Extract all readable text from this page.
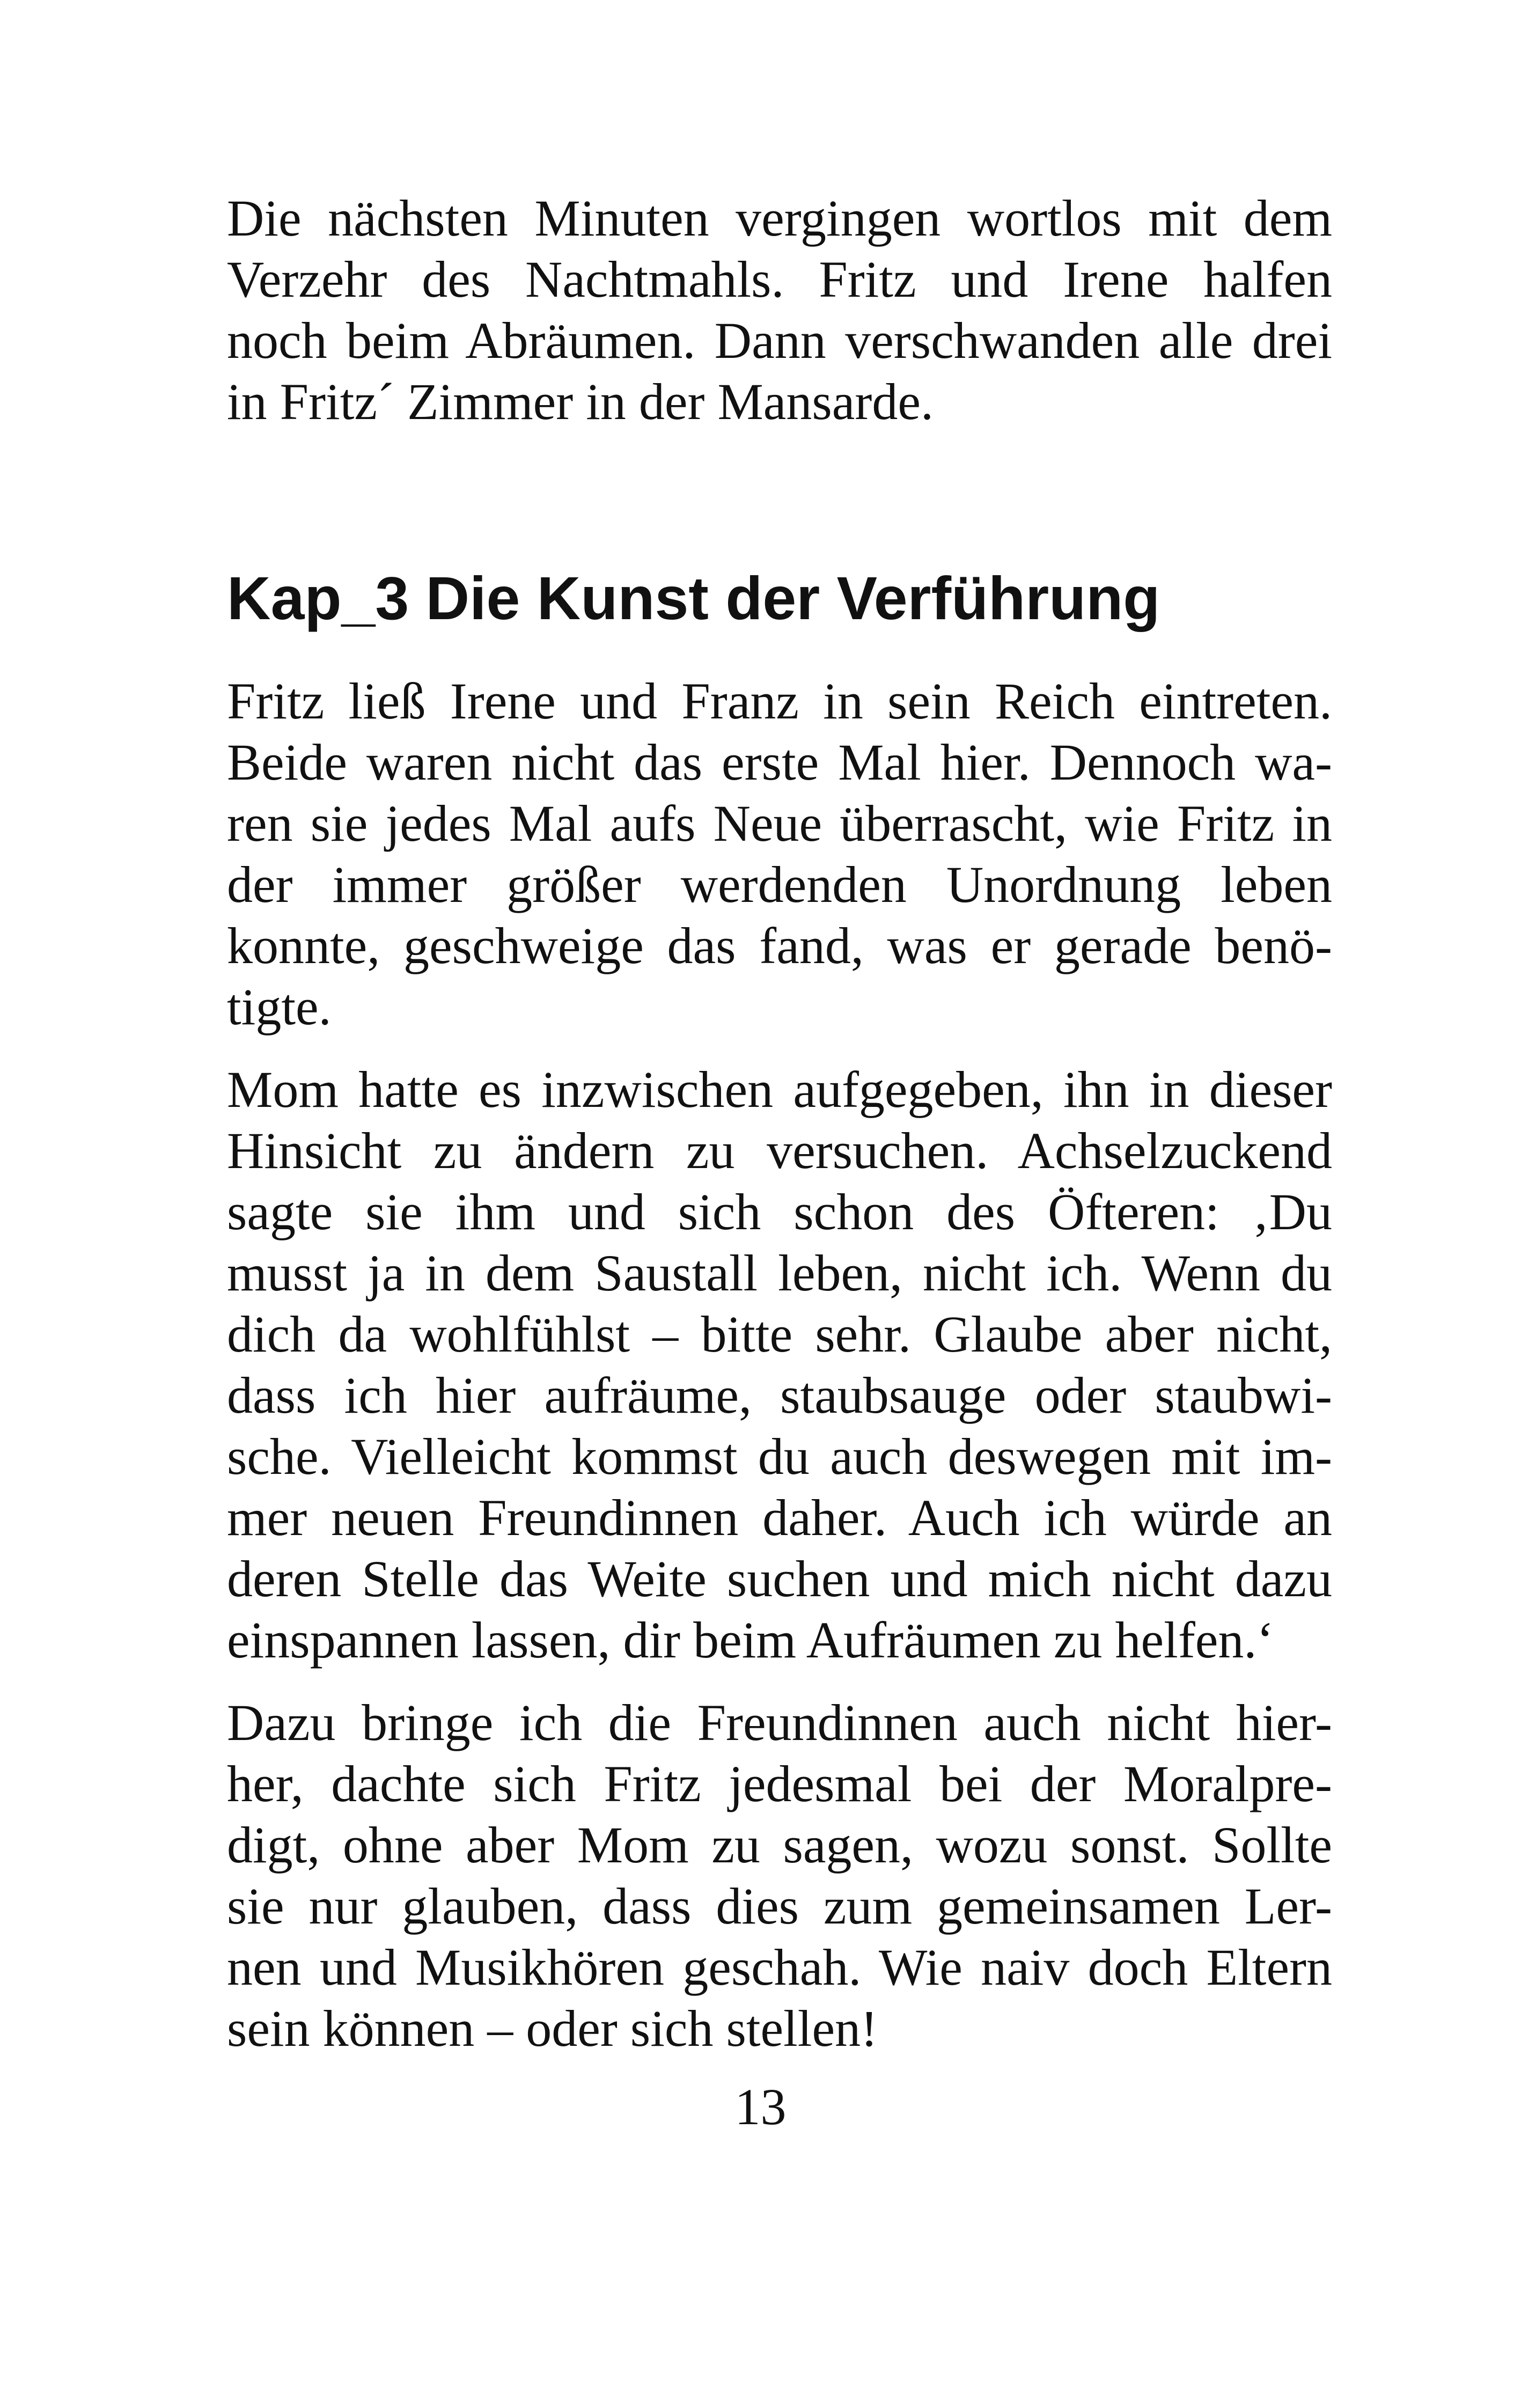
Die nächsten Minuten vergingen wortlos mit dem
Verzehr des Nachtmahls. Fritz und Irene halfen
noch beim Abräumen. Dann verschwanden alle drei
in Fritz´ Zimmer in der Mansarde.
Kap_3 Die Kunst der Verführung
Fritz ließ Irene und Franz in sein Reich eintreten.
Beide waren nicht das erste Mal hier. Dennoch wa-
ren sie jedes Mal aufs Neue überrascht, wie Fritz in
der immer größer werdenden Unordnung leben
konnte, geschweige das fand, was er gerade benö-
tigte.
Mom hatte es inzwischen aufgegeben, ihn in dieser
Hinsicht zu ändern zu versuchen. Achselzuckend
sagte sie ihm und sich schon des Öfteren: ‚Du
musst ja in dem Saustall leben, nicht ich. Wenn du
dich da wohlfühlst – bitte sehr. Glaube aber nicht,
dass ich hier aufräume, staubsauge oder staubwi-
sche. Vielleicht kommst du auch deswegen mit im-
mer neuen Freundinnen daher. Auch ich würde an
deren Stelle das Weite suchen und mich nicht dazu
einspannen lassen, dir beim Aufräumen zu helfen.‘
Dazu bringe ich die Freundinnen auch nicht hier-
her, dachte sich Fritz jedesmal bei der Moralpre-
digt, ohne aber Mom zu sagen, wozu sonst. Sollte
sie nur glauben, dass dies zum gemeinsamen Ler-
nen und Musikhören geschah. Wie naiv doch Eltern
sein können – oder sich stellen!
13
